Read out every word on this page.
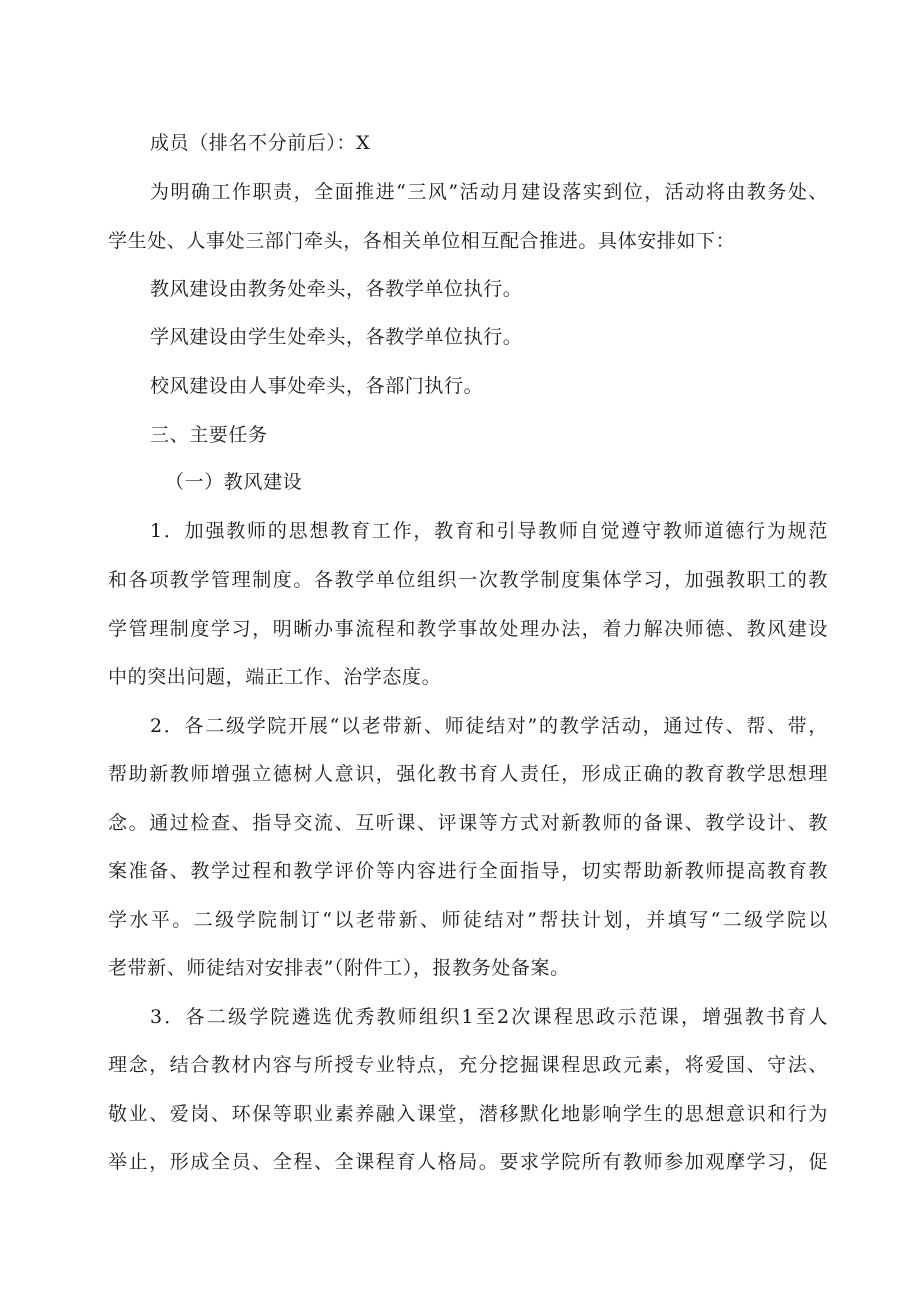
成员（排名不分前后）：X
为明确工作职责，全面推进“三风”活动月建设落实到位，活动将由教务处、
学生处、人事处三部门牵头，各相关单位相互配合推进。具体安排如下：
教风建设由教务处牵头，各教学单位执行。
学风建设由学生处牵头，各教学单位执行。
校风建设由人事处牵头，各部门执行。
三、主要任务
（一）教风建设
1．加强教师的思想教育工作，教育和引导教师自觉遵守教师道德行为规范
和各项教学管理制度。各教学单位组织一次教学制度集体学习，加强教职工的教
学管理制度学习，明晰办事流程和教学事故处理办法，着力解决师德、教风建设
中的突出问题，端正工作、治学态度。
2．各二级学院开展“以老带新、师徒结对”的教学活动，通过传、帮、带，
帮助新教师增强立德树人意识，强化教书育人责任，形成正确的教育教学思想理
念。通过检查、指导交流、互听课、评课等方式对新教师的备课、教学设计、教
案准备、教学过程和教学评价等内容进行全面指导，切实帮助新教师提高教育教
学水平。二级学院制订“以老带新、师徒结对”帮扶计划，并填写“二级学院以
老带新、师徒结对安排表”（附件工），报教务处备案。
3．各二级学院遴选优秀教师组织1至2次课程思政示范课，增强教书育人
理念，结合教材内容与所授专业特点，充分挖掘课程思政元素，将爱国、守法、
敬业、爱岗、环保等职业素养融入课堂，潜移默化地影响学生的思想意识和行为
举止，形成全员、全程、全课程育人格局。要求学院所有教师参加观摩学习，促
